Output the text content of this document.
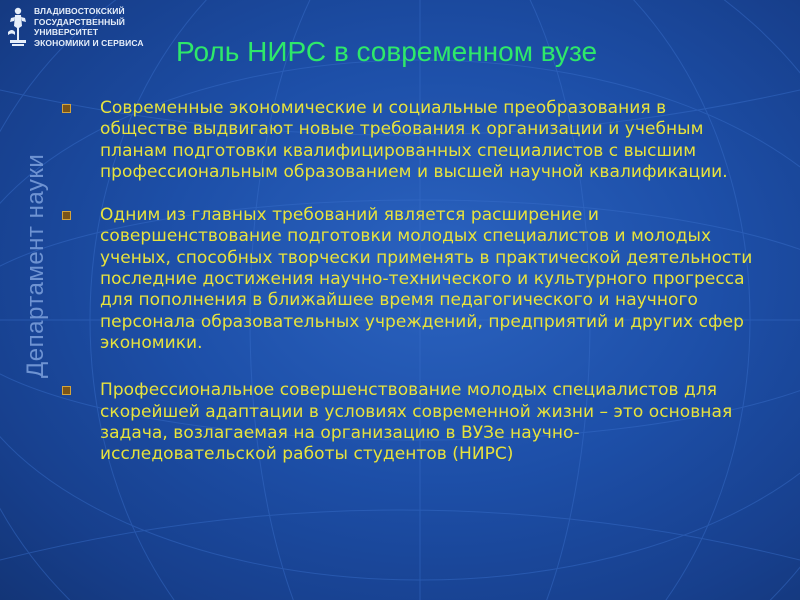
ВЛАДИВОСТОКСКИЙ
ГОСУДАРСТВЕННЫЙ
УНИВЕРСИТЕТ
ЭКОНОМИКИ И СЕРВИСА
Департамент науки
Роль НИРС в современном вузе
Современные экономические и социальные преобразования в обществе выдвигают новые требования к организации и учебным планам подготовки квалифицированных специалистов с высшим профессиональным образованием и высшей научной квалификации.
Одним из главных требований является расширение и совершенствование подготовки молодых специалистов и молодых ученых, способных творчески применять в практической деятельности последние достижения научно-технического и культурного прогресса для пополнения в ближайшее время педагогического и научного персонала образовательных учреждений, предприятий и других сфер экономики.
Профессиональное совершенствование молодых специалистов для скорейшей адаптации в условиях современной жизни – это основная задача, возлагаемая на организацию в ВУЗе научно-исследовательской работы студентов (НИРС)
